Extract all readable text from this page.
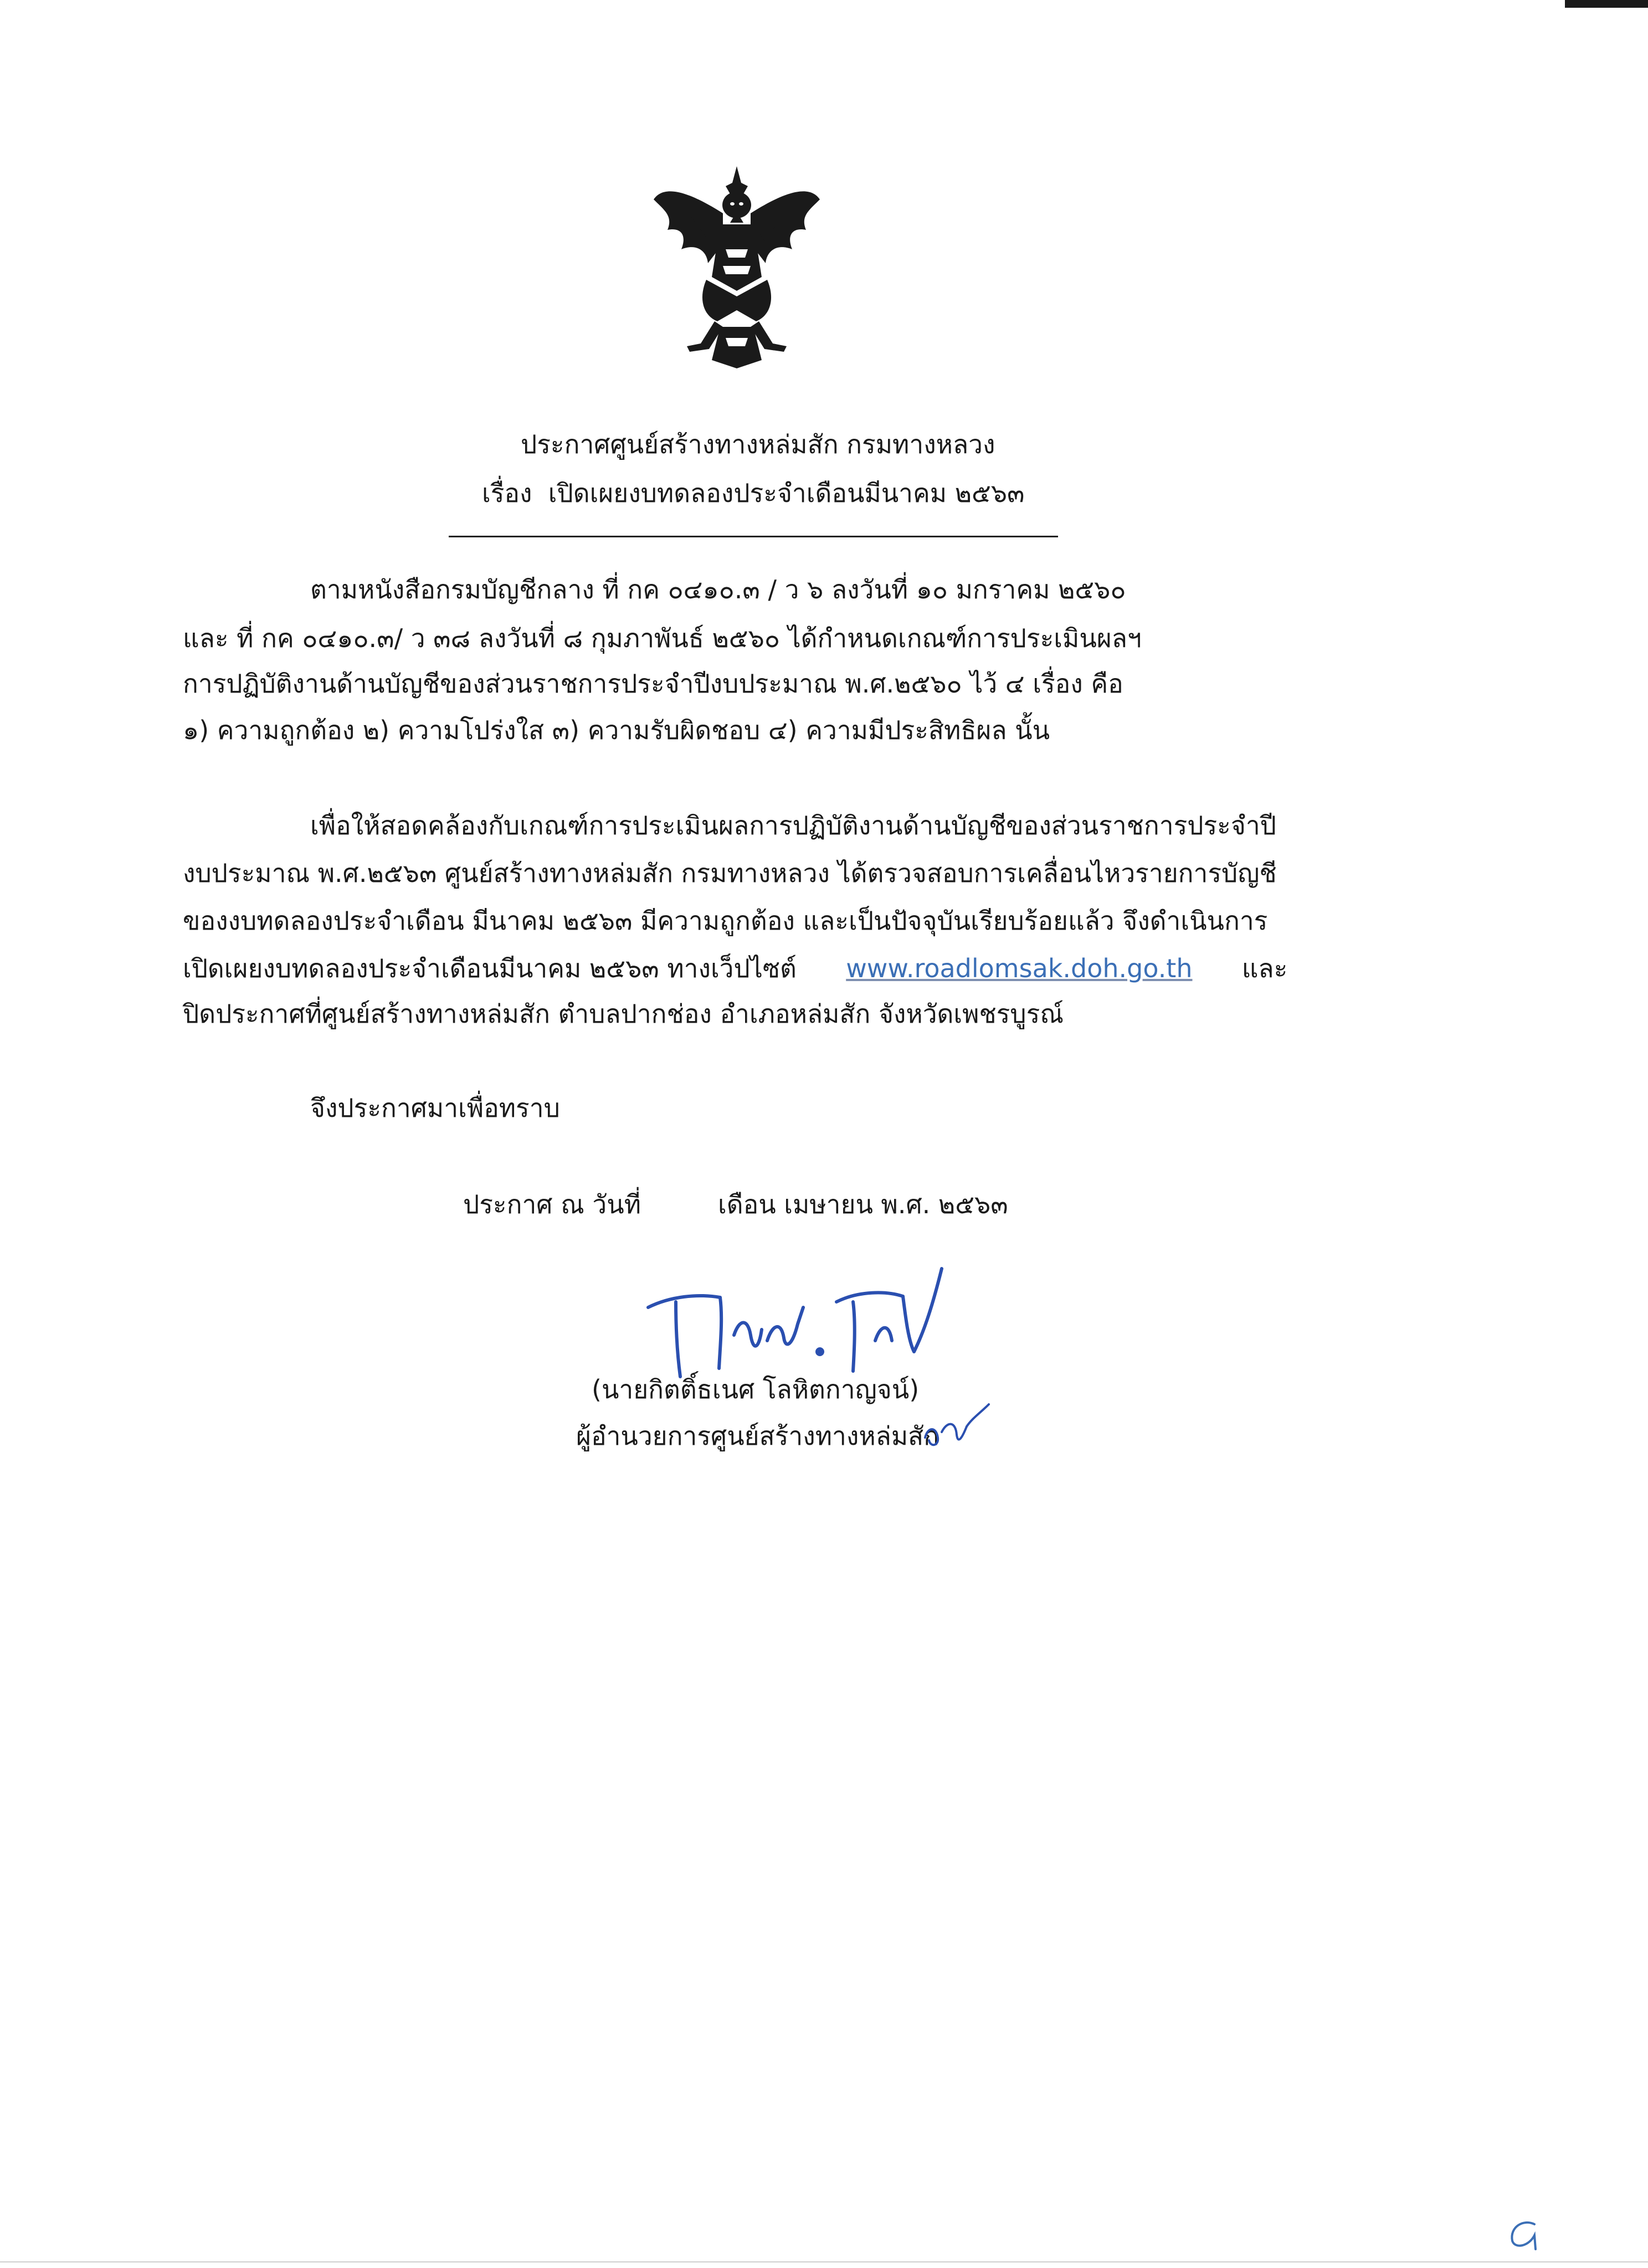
ประกาศศูนย์สร้างทางหล่มสัก กรมทางหลวง
เรื่อง เปิดเผยงบทดลองประจำเดือนมีนาคม ๒๕๖๓
ตามหนังสือกรมบัญชีกลาง ที่ กค ๐๔๑๐.๓ / ว ๖ ลงวันที่ ๑๐ มกราคม ๒๕๖๐
และ ที่ กค ๐๔๑๐.๓/ ว ๓๘ ลงวันที่ ๘ กุมภาพันธ์ ๒๕๖๐ ได้กำหนดเกณฑ์การประเมินผลฯ
การปฏิบัติงานด้านบัญชีของส่วนราชการประจำปีงบประมาณ พ.ศ.๒๕๖๐ ไว้ ๔ เรื่อง คือ
๑) ความถูกต้อง ๒) ความโปร่งใส ๓) ความรับผิดชอบ ๔) ความมีประสิทธิผล นั้น
เพื่อให้สอดคล้องกับเกณฑ์การประเมินผลการปฏิบัติงานด้านบัญชีของส่วนราชการประจำปี
งบประมาณ พ.ศ.๒๕๖๓ ศูนย์สร้างทางหล่มสัก กรมทางหลวง ได้ตรวจสอบการเคลื่อนไหวรายการบัญชี
ของงบทดลองประจำเดือน มีนาคม ๒๕๖๓ มีความถูกต้อง และเป็นปัจจุบันเรียบร้อยแล้ว จึงดำเนินการ
เปิดเผยงบทดลองประจำเดือนมีนาคม ๒๕๖๓ ทางเว็ปไซต์ www.roadlomsak.doh.go.th และ
ปิดประกาศที่ศูนย์สร้างทางหล่มสัก ตำบลปากช่อง อำเภอหล่มสัก จังหวัดเพชรบูรณ์
จึงประกาศมาเพื่อทราบ
ประกาศ ณ วันที่	เดือน เมษายน พ.ศ. ๒๕๖๓
(นายกิตติ์ธเนศ โลหิตกาญจน์)
ผู้อำนวยการศูนย์สร้างทางหล่มสัก
